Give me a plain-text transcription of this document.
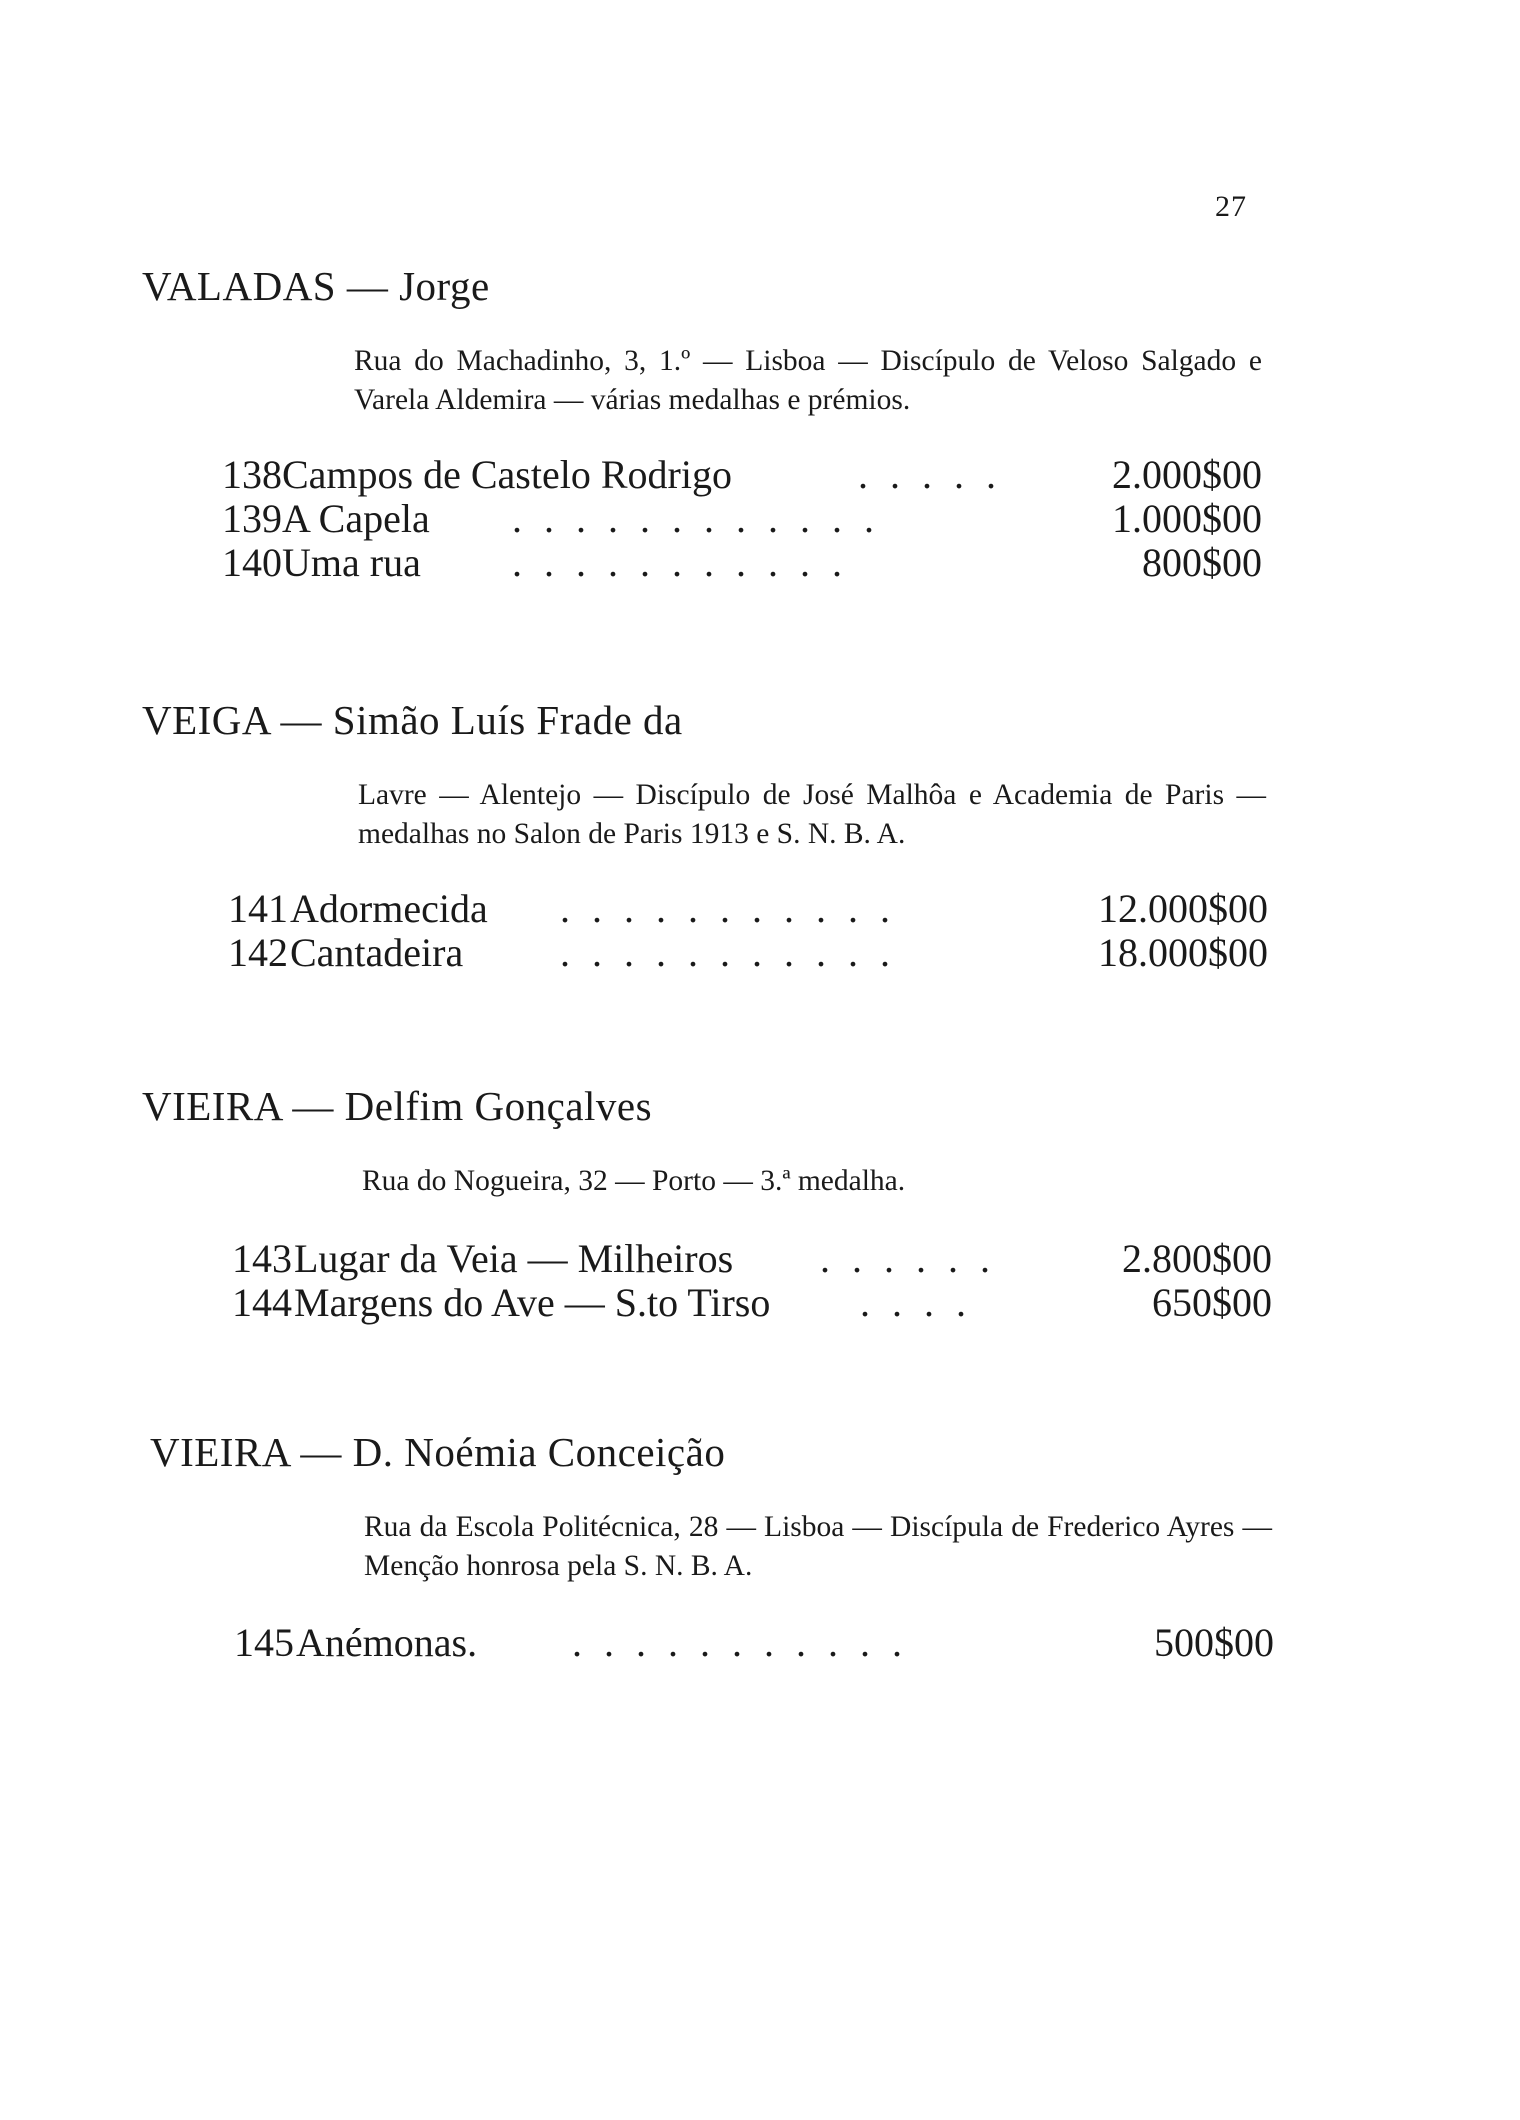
27
VALADAS — Jorge
Rua do Machadinho, 3, 1.º — Lisboa — Discípulo de Veloso Salgado e Varela Aldemira — várias medalhas e prémios.
138 Campos de Castelo Rodrigo	. . . . .	2.000$00
139 A Capela . . . . . . . . . . . .	1.000$00
140 Uma rua . . . . . . . . . . .	800$00
VEIGA — Simão Luís Frade da
Lavre — Alentejo — Discípulo de José Malhôa e Academia de Paris — medalhas no Salon de Paris 1913 e S. N. B. A.
141 Adormecida . . . . . . . . . . .	12.000$00
142 Cantadeira . . . . . . . . . . .	18.000$00
VIEIRA — Delfim Gonçalves
Rua do Nogueira, 32 — Porto — 3.ª medalha.
143 Lugar da Veia — Milheiros . . . . . .	2.800$00
144 Margens do Ave — S.to Tirso . . . .	650$00
VIEIRA — D. Noémia Conceição
Rua da Escola Politécnica, 28 — Lisboa — Discípula de Frederico Ayres — Menção honrosa pela S. N. B. A.
145 Anémonas. . . . . . . . . . . .	500$00
